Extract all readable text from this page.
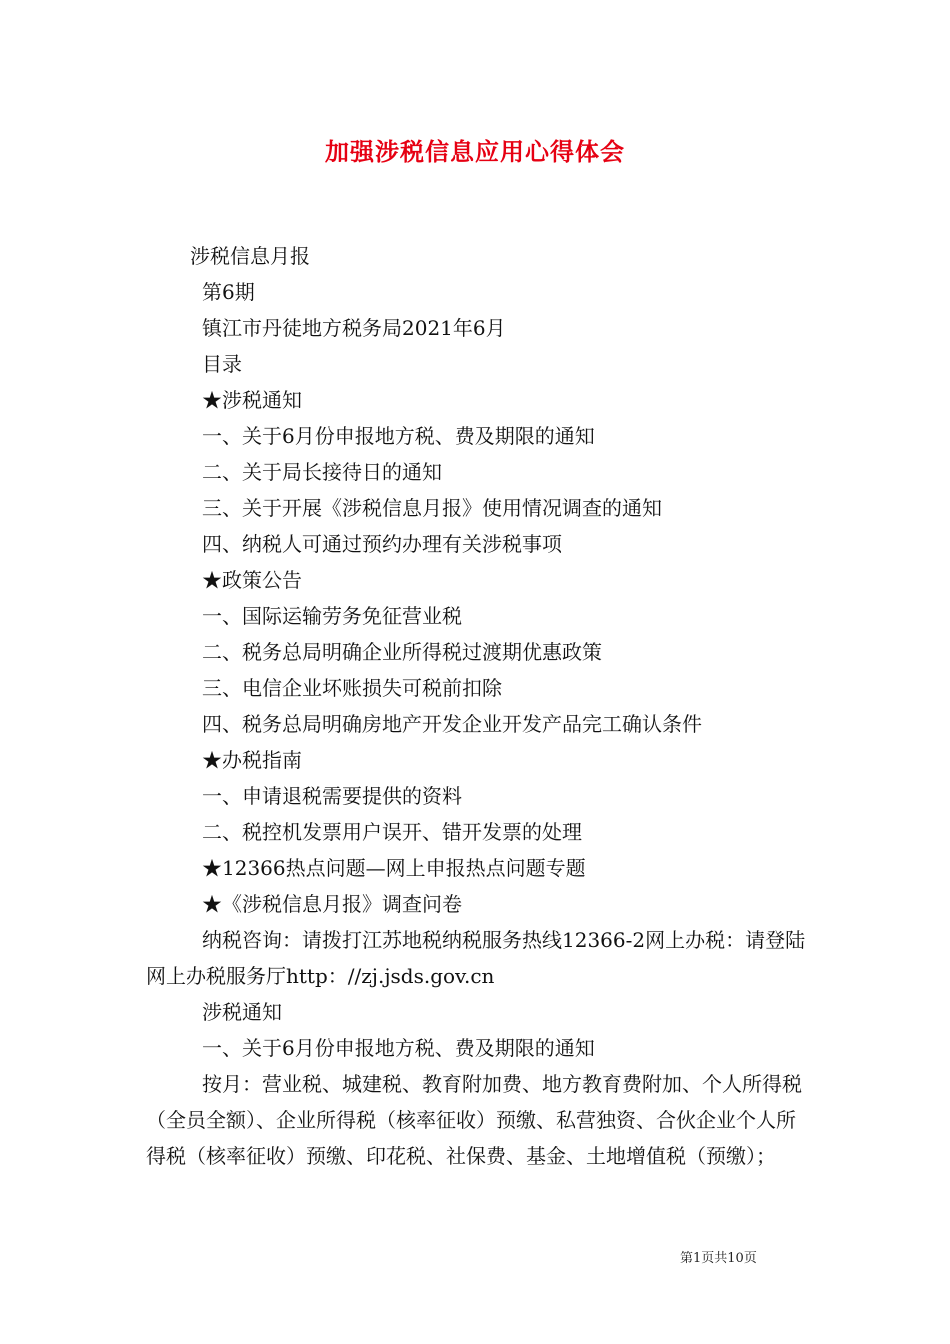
加强涉税信息应用心得体会

涉税信息月报

第6期

镇江市丹徒地方税务局2021年6月

目录

★涉税通知

一、关于6月份申报地方税、费及期限的通知

二、关于局长接待日的通知

三、关于开展《涉税信息月报》使用情况调查的通知

四、纳税人可通过预约办理有关涉税事项

★政策公告

一、国际运输劳务免征营业税

二、税务总局明确企业所得税过渡期优惠政策

三、电信企业坏账损失可税前扣除

四、税务总局明确房地产开发企业开发产品完工确认条件

★办税指南

一、申请退税需要提供的资料

二、税控机发票用户误开、错开发票的处理

★12366热点问题—网上申报热点问题专题

★《涉税信息月报》调查问卷

纳税咨询：请拨打江苏地税纳税服务热线12366-2网上办税：请登陆网上办税服务厅http：//zj.jsds.gov.cn

涉税通知

一、关于6月份申报地方税、费及期限的通知

按月：营业税、城建税、教育附加费、地方教育费附加、个人所得税（全员全额）、企业所得税（核率征收）预缴、私营独资、合伙企业个人所得税（核率征收）预缴、印花税、社保费、基金、土地增值税（预缴）；

第1页共10页
